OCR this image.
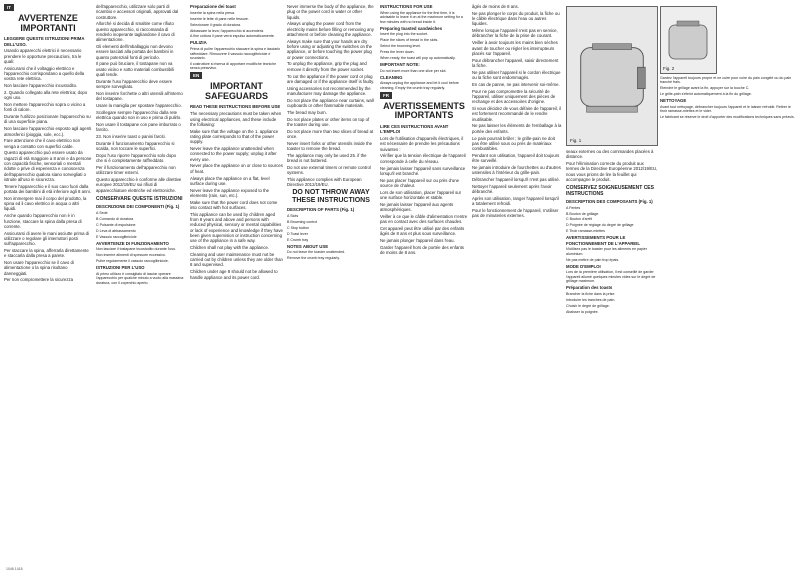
IT
AVVERTENZE IMPORTANTI
LEGGERE QUESTE ISTRUZIONI PRIMA DELL'USO.
Usando apparecchi elettrici è necessario prendere le opportune precauzioni, tra le quali:
Assicurarsi che il voltaggio elettrico e l'apparecchio corrispondano a quello della vostra rete elettrica.
Non lasciare l'apparecchio incustodito.
2. Quando collegato alla rete elettrica; dopo ogni uso.
Non mettere l'apparecchio sopra o vicino a fonti di calore.
Durante l'utilizzo posizionare l'apparecchio su di una superficie piana.
Non lasciare l'apparecchio esposto agli agenti atmosferici (pioggia, sole, ecc.).
Fare attenzione che il cavo elettrico non venga a contatto con superfici calde.
Questo apparecchio può essere usato da ragazzi di età maggiore a 8 anni e da persone con capacità fisiche, sensoriali o mentali ridotte o prive di esperienza e conoscenza dell'apparecchio qualora siano sorvegliati o istruite all'uso in sicurezza.
Tenere l'apparecchio e il suo cavo fuori dalla portata dei bambini di età inferiore agli 8 anni.
Non immergere mai il corpo del prodotto, la spina ed il cavo elettrico in acqua o altri liquidi.
Anche quando l'apparecchio non è in funzione, staccare la spina dalla presa di corrente.
Assicurarsi di avere le mani asciutte prima di utilizzare o regolare gli interruttori posti sull'apparecchio.
Per staccare la spina, afferrarla direttamente e staccarla dalla presa a parete.
Non usare l'apparecchio se il cavo di alimentazione o la spina risultano danneggiati.
Per non compromettere la sicurezza
dell'apparecchio, utilizzare solo parti di ricambio e accessori originali, approvati dal costruttore.
Allorché si decida di smaltire come rifiuto questo apparecchio, si raccomanda di renderlo inoperante tagliandone il cavo di alimentazione.
Gli elementi dell'imballaggio non devono essere lasciati alla portata dei bambini in quanto potenziali fonti di pericolo.
Il pane può bruciare, il tostapane non va usato vicino e sotto materiali combustibili quali tende.
Durante l'uso l'apparecchio deve essere sempre sorvegliato.
Non inserire forchette o altri utensili all'interno del tostapane.
Usare la maniglia per spostare l'apparecchio.
Scollegare sempre l'apparecchio dalla rete elettrica quando non in uso e prima di pulirlo.
Non usare il tostapane con pane imburrato o farcito.
23. Non inserire toast o panini farciti.
Durante il funzionamento l'apparecchio si scalda, non toccare le superfici.
Dopo l'uso riporre l'apparecchio solo dopo che si è completamente raffreddato.
Per il funzionamento dell'apparecchio non utilizzare timer esterni.
Questo apparecchio è conforme alle direttive europee 2012/19/EU sui rifiuti di apparecchiature elettriche ed elettroniche.
CONSERVARE QUESTE ISTRUZIONI
DESCRIZIONE DEI COMPONENTI (Fig. 1)
A Sede
B Comando di doratura
C Pulsante di espulsione
D Leva di abbassamento
E Vassoio raccoglibriciole
AVVERTENZE DI FUNZIONAMENTO
Non lasciare il tostapane incustodito durante l'uso.
Non inserire alimenti di spessore eccessivo.
Pulire regolarmente il vassoio raccoglibriciole.
ISTRUZIONI PER L'USO
Al primo utilizzo è consigliato di lasciar operare l'apparecchio per qualche minuto a vuoto alla massima doratura, con il coperchio aperto.
Preparazione dei toast
Inserire la spina nella presa.
Inserire le fette di pane nelle fessure.
Selezionare il grado di doratura.
Abbassare la leva; l'apparecchio si accenderà.
A fine cottura il pane verrà espulso automaticamente.
PULIZIA
Prima di pulire l'apparecchio staccare la spina e lasciarlo raffreddare. Rimuovere il vassoio raccoglibriciole e svuotarlo.
Il costruttore si riserva di apportare modifiche tecniche senza preavviso.
EN
IMPORTANT SAFEGUARDS
READ THESE INSTRUCTIONS BEFORE USE
The necessary precautions must be taken when using electrical appliances, and these include the following:
Make sure that the voltage on the 1. appliance rating plate corresponds to that of the power supply.
Never leave the appliance unattended when connected to the power supply; unplug it after every use.
Never place the appliance on or close to sources of heat.
Always place the appliance on a flat, level surface during use.
Never leave the appliance exposed to the elements (rain, sun, etc.).
Make sure that the power cord does not come into contact with hot surfaces.
This appliance can be used by children aged from 8 years and above and persons with reduced physical, sensory or mental capabilities or lack of experience and knowledge if they have been given supervision or instruction concerning use of the appliance in a safe way.
Children shall not play with the appliance.
Cleaning and user maintenance must not be carried out by children unless they are older than 8 and supervised.
Children under age 8 should not be allowed to handle appliance and its power cord.
Never immerse the body of the appliance, the plug or the power cord in water or other liquids.
Always unplug the power cord from the electricity mains before filling or removing any attachment or before cleaning the appliance.
Always make sure that your hands are dry before using or adjusting the switches on the appliance, or before touching the power plug or power connections.
To unplug the appliance, grip the plug and remove it directly from the power socket.
To cut the appliance if the power cord or plug are damaged or if the appliance itself is faulty.
Using accessories not recommended by the manufacturer may damage the appliance.
Do not place the appliance near curtains, wall cupboards or other flammable materials.
The bread may burn.
Do not place plates or other items on top of the toaster during use.
Do not place more than two slices of bread at once.
Never insert forks or other utensils inside the toaster to remove the bread.
The appliance may only be used 25. if the bread is not buttered.
Do not use external timers or remote control systems.
This appliance complies with European Directive 2012/19/EU.
DO NOT THROW AWAY THESE INSTRUCTIONS
DESCRIPTION OF PARTS (Fig. 1)
A Slots
B Browning control
C Stop button
D Toast lever
E Crumb tray
NOTES ABOUT USE
Do not leave the toaster unattended.
Remove the crumb tray regularly.
INSTRUCTIONS FOR USE
When using the appliance for the first time, it is advisable to leave it on at the maximum setting for a few minutes with no bread inside it.
Preparing toasted sandwiches
Insert the plug into the socket.
Place the slices of bread in the slots.
Select the browning level.
Press the lever down.
When ready, the toast will pop up automatically.
IMPORTANT NOTE:
Do not insert more than one slice per slot.
CLEANING
Always unplug the appliance and let it cool before cleaning. Empty the crumb tray regularly.
FR
AVERTISSEMENTS IMPORTANTS
LIRE CES INSTRUCTIONS AVANT L'EMPLOI
Lors de l'utilisation d'appareils électriques, il est nécessaire de prendre les précautions suivantes :
Vérifier que la tension électrique de l'appareil corresponde à celle du réseau.
Ne jamais laisser l'appareil sans surveillance lorsqu'il est branché.
Ne pas placer l'appareil sur ou près d'une source de chaleur.
Lors de son utilisation, placer l'appareil sur une surface horizontale et stable.
Ne jamais laisser l'appareil aux agents atmosphériques.
Veiller à ce que le câble d'alimentation n'entre pas en contact avec des surfaces chaudes.
Cet appareil peut être utilisé par des enfants âgés de 8 ans et plus sous surveillance.
Ne jamais plonger l'appareil dans l'eau.
Garder l'appareil hors de portée des enfants de moins de 8 ans.
âgés de moins de 8 ans.
Ne pas plonger le corps du produit, la fiche ou le câble électrique dans l'eau ou autres liquides.
Même lorsque l'appareil n'est pas en service, débrancher la fiche de la prise de courant.
Veiller à avoir toujours les mains bien sèches avant de toucher ou régler les interrupteurs placés sur l'appareil.
Pour débrancher l'appareil, saisir directement la fiche.
Ne pas utiliser l'appareil si le cordon électrique ou la fiche sont endommagés.
En cas de panne, ne pas intervenir soi-même.
Pour ne pas compromettre la sécurité de l'appareil, utiliser uniquement des pièces de rechange et des accessoires d'origine.
Si vous décidez de vous défaire de l'appareil, il est fortement recommandé de le rendre inutilisable.
Ne pas laisser les éléments de l'emballage à la portée des enfants.
Le pain pourrait brûler ; le grille-pain ne doit pas être utilisé sous ou près de matériaux combustibles.
Pendant son utilisation, l'appareil doit toujours être surveillé.
Ne jamais introduire de fourchettes ou d'autres ustensiles à l'intérieur du grille-pain.
Débrancher l'appareil lorsqu'il n'est pas utilisé.
Nettoyer l'appareil seulement après l'avoir débranché.
Après son utilisation, ranger l'appareil lorsqu'il a totalement refroidi.
Pour le fonctionnement de l'appareil, n'utiliser pas de minuteries externes.
Fig. 1
seaux externes ou des commandes placées à distance.
Pour l'élimination correcte du produit aux termes de la Directive Européenne 2012/19/EU, nous vous prions de lire la feuillet qui accompagne le produit.
CONSERVEZ SOIGNEUSEMENT CES INSTRUCTIONS
DESCRIPTION DES COMPOSANTS (Fig. 1)
A Fentes
B Bouton de grillage
C Bouton d'arrêt
D Poignée de réglage du degré de grillage
E Tiroir ramasse-miettes
AVERTISSEMENTS POUR LE FONCTIONNEMENT DE L'APPAREIL
N'utilisez pas le toaster pour les aliments en papier aluminium.
Ne pas mettre de pain trop épais.
MODE D'EMPLOI
Lors de la première utilisation, il est conseillé de garder l'appareil allumé quelques minutes vides sur le degré de grillage maximum.
Préparation des toasts
Brancher la fiche dans la prise.
Introduire les tranches de pain.
Choisir le degré de grillage.
Abaisser la poignée.
Fig. 2
Gardez l'appareil toujours propre et ne cuire pour cuire du pain congelé ou du pain tranché frais.
Eteindre le grillage avant la fin, appuyer sur la touche C.
Le grille-pain s'éteint automatiquement à la fin du grillage.
NETTOYAGE
Avant tout nettoyage, débrancher toujours l'appareil et le laisser refroidir. Retirer le tiroir ramasse-miettes et le vider.
Le fabricant se réserve le droit d'apporter des modifications techniques sans préavis.
1046 1418
